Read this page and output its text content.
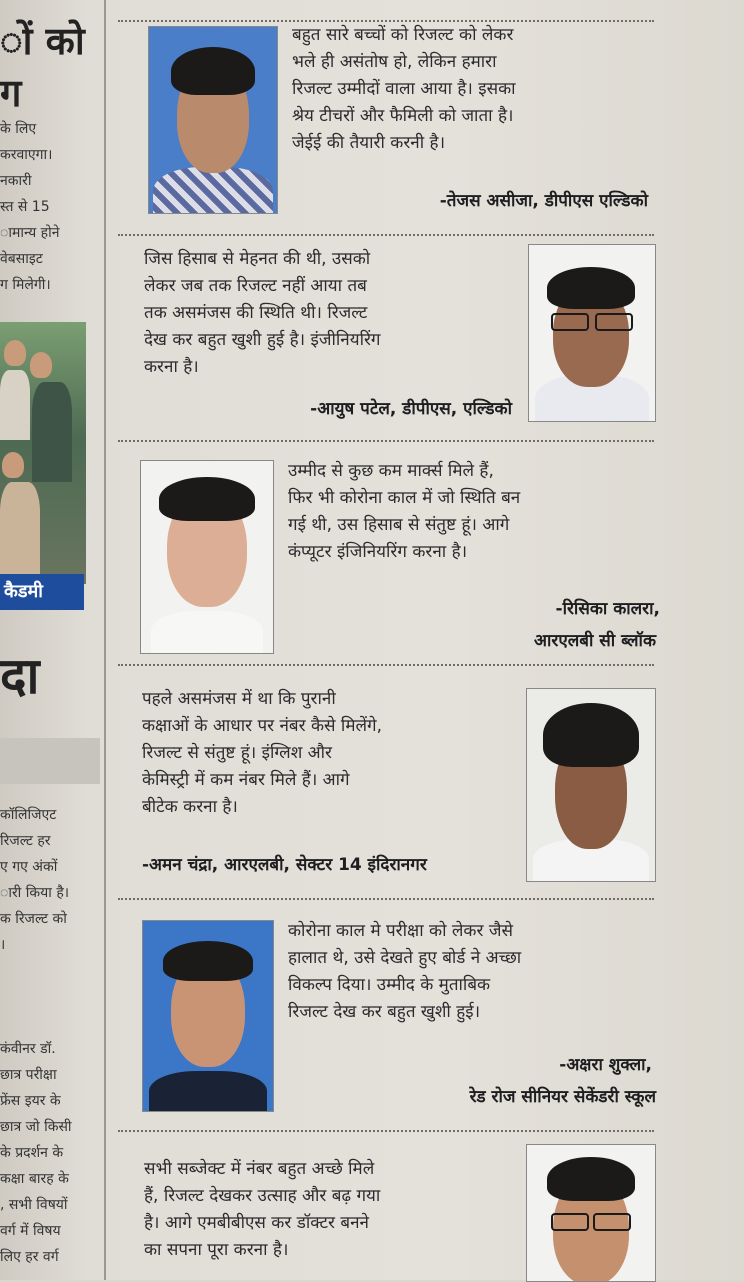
ों को
ग
के लिए
करवाएगा।
नकारी
स्त से 15
ामान्य होने
वेबसाइट
ग मिलेगी।
कैडमी
दा
कॉलिजिएट
रिजल्ट हर
ए गए अंकों
ारी किया है।
क रिजल्ट को
।
कंवीनर डॉ.
छात्र परीक्षा
फ्रेंस इयर के
छात्र जो किसी
के प्रदर्शन के
कक्षा बारह के
, सभी विषयों
वर्ग में विषय
लिए हर वर्ग
बहुत सारे बच्चों को रिजल्ट को लेकर
भले ही असंतोष हो, लेकिन हमारा
रिजल्ट उम्मीदों वाला आया है। इसका
श्रेय टीचरों और फैमिली को जाता है।
जेईई की तैयारी करनी है।
-तेजस असीजा, डीपीएस एल्डिको
जिस हिसाब से मेहनत की थी, उसको
लेकर जब तक रिजल्ट नहीं आया तब
तक असमंजस की स्थिति थी। रिजल्ट
देख कर बहुत खुशी हुई है। इंजीनियरिंग
करना है।
-आयुष पटेल, डीपीएस, एल्डिको
उम्मीद से कुछ कम मार्क्स मिले हैं,
फिर भी कोरोना काल में जो स्थिति बन
गई थी, उस हिसाब से संतुष्ट हूं। आगे
कंप्यूटर इंजिनियरिंग करना है।
-रिसिका कालरा,
आरएलबी सी ब्लॉक
पहले असमंजस में था कि पुरानी
कक्षाओं के आधार पर नंबर कैसे मिलेंगे,
रिजल्ट से संतुष्ट हूं। इंग्लिश और
केमिस्ट्री में कम नंबर मिले हैं। आगे
बीटेक करना है।
-अमन चंद्रा, आरएलबी, सेक्टर 14 इंदिरानगर
कोरोना काल मे परीक्षा को लेकर जैसे
हालात थे, उसे देखते हुए बोर्ड ने अच्छा
विकल्प दिया। उम्मीद के मुताबिक
रिजल्ट देख कर बहुत खुशी हुई।
-अक्षरा शुक्ला,
रेड रोज सीनियर सेकेंडरी स्कूल
सभी सब्जेक्ट में नंबर बहुत अच्छे मिले
हैं, रिजल्ट देखकर उत्साह और बढ़ गया
है। आगे एमबीबीएस कर डॉक्टर बनने
का सपना पूरा करना है।
